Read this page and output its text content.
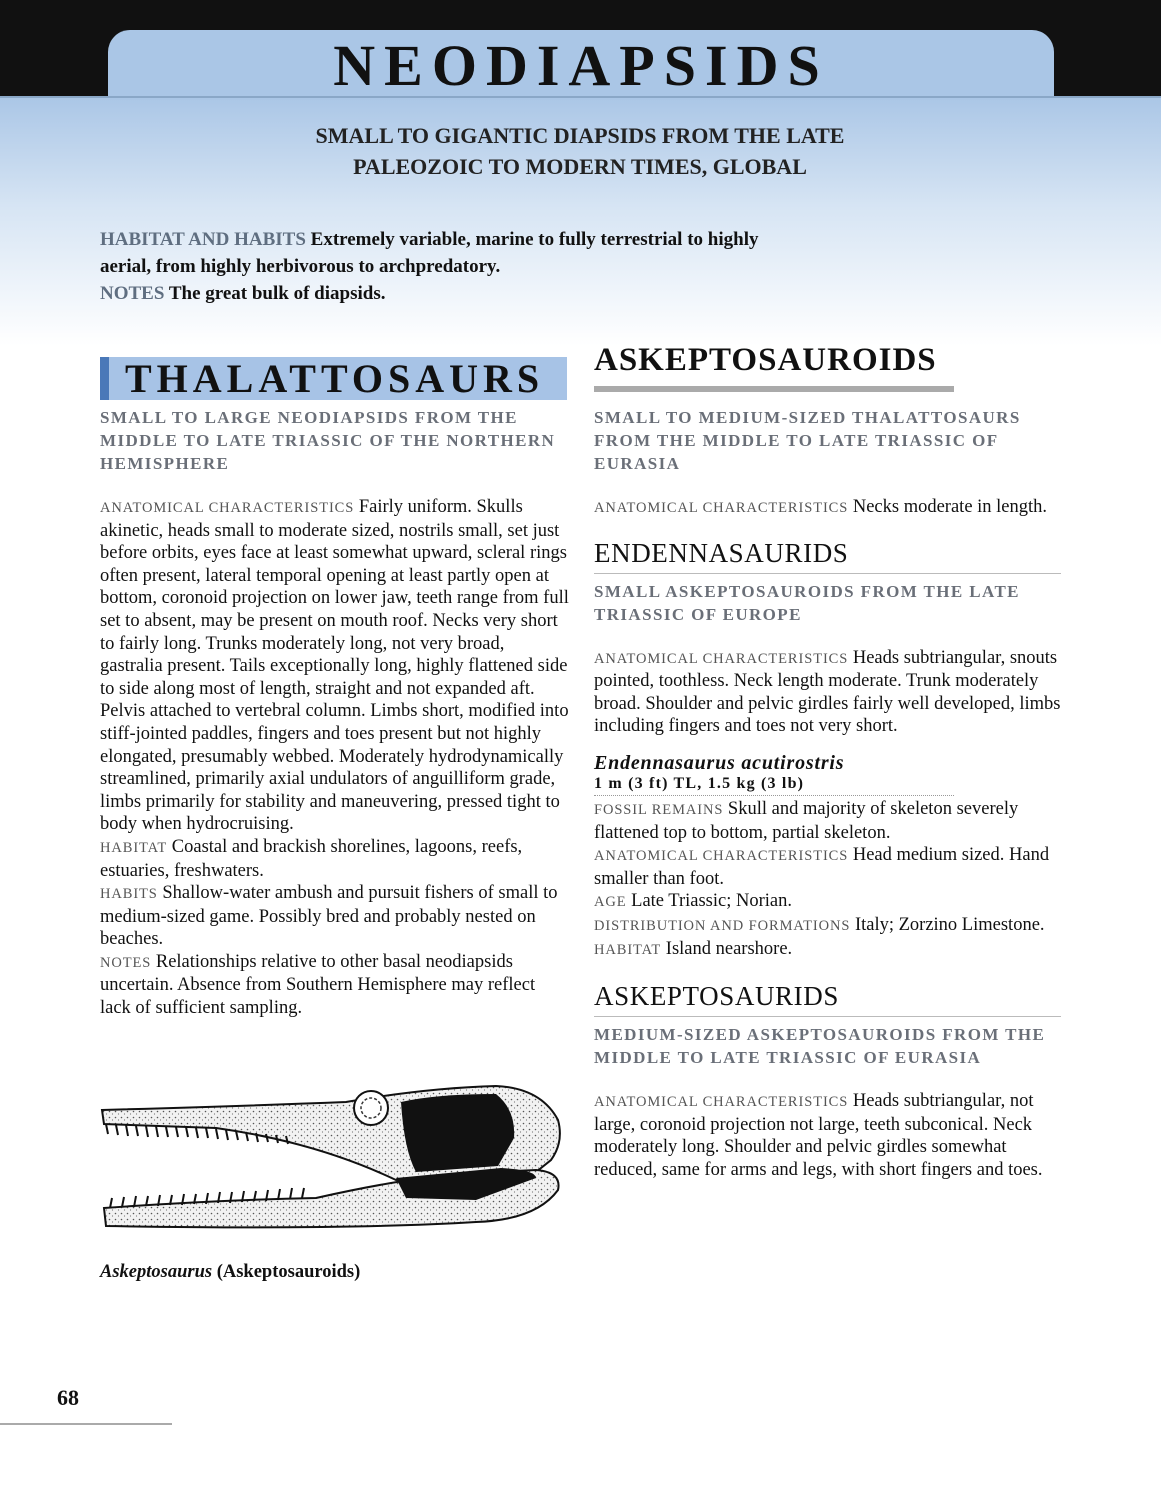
NEODIAPSIDS

SMALL TO GIGANTIC DIAPSIDS FROM THE LATE
PALEOZOIC TO MODERN TIMES, GLOBAL

HABITAT AND HABITS Extremely variable, marine to fully terrestrial to highly aerial, from highly herbivorous to archpredatory.
NOTES The great bulk of diapsids.

THALATTOSAURS

SMALL TO LARGE NEODIAPSIDS FROM THE MIDDLE TO LATE TRIASSIC OF THE NORTHERN HEMISPHERE

ANATOMICAL CHARACTERISTICS Fairly uniform. Skulls akinetic, heads small to moderate sized, nostrils small, set just before orbits, eyes face at least somewhat upward, scleral rings often present, lateral temporal opening at least partly open at bottom, coronoid projection on lower jaw, teeth range from full set to absent, may be present on mouth roof. Necks very short to fairly long. Trunks moderately long, not very broad, gastralia present. Tails exceptionally long, highly flattened side to side along most of length, straight and not expanded aft. Pelvis attached to vertebral column. Limbs short, modified into stiff-jointed paddles, fingers and toes present but not highly elongated, presumably webbed. Moderately hydrodynamically streamlined, primarily axial undulators of anguilliform grade, limbs primarily for stability and maneuvering, pressed tight to body when hydrocruising.
HABITAT Coastal and brackish shorelines, lagoons, reefs, estuaries, freshwaters.
HABITS Shallow-water ambush and pursuit fishers of small to medium-sized game. Possibly bred and probably nested on beaches.
NOTES Relationships relative to other basal neodiapsids uncertain. Absence from Southern Hemisphere may reflect lack of sufficient sampling.

Askeptosaurus (Askeptosauroids)

ASKEPTOSAUROIDS

SMALL TO MEDIUM-SIZED THALATTOSAURS FROM THE MIDDLE TO LATE TRIASSIC OF EURASIA

ANATOMICAL CHARACTERISTICS Necks moderate in length.

ENDENNASAURIDS

SMALL ASKEPTOSAUROIDS FROM THE LATE TRIASSIC OF EUROPE

ANATOMICAL CHARACTERISTICS Heads subtriangular, snouts pointed, toothless. Neck length moderate. Trunk moderately broad. Shoulder and pelvic girdles fairly well developed, limbs including fingers and toes not very short.

Endennasaurus acutirostris

1 m (3 ft) TL, 1.5 kg (3 lb)

FOSSIL REMAINS Skull and majority of skeleton severely flattened top to bottom, partial skeleton.
ANATOMICAL CHARACTERISTICS Head medium sized. Hand smaller than foot.
AGE Late Triassic; Norian.
DISTRIBUTION AND FORMATIONS Italy; Zorzino Limestone.
HABITAT Island nearshore.

ASKEPTOSAURIDS

MEDIUM-SIZED ASKEPTOSAUROIDS FROM THE MIDDLE TO LATE TRIASSIC OF EURASIA

ANATOMICAL CHARACTERISTICS Heads subtriangular, not large, coronoid projection not large, teeth subconical. Neck moderately long. Shoulder and pelvic girdles somewhat reduced, same for arms and legs, with short fingers and toes.

68
